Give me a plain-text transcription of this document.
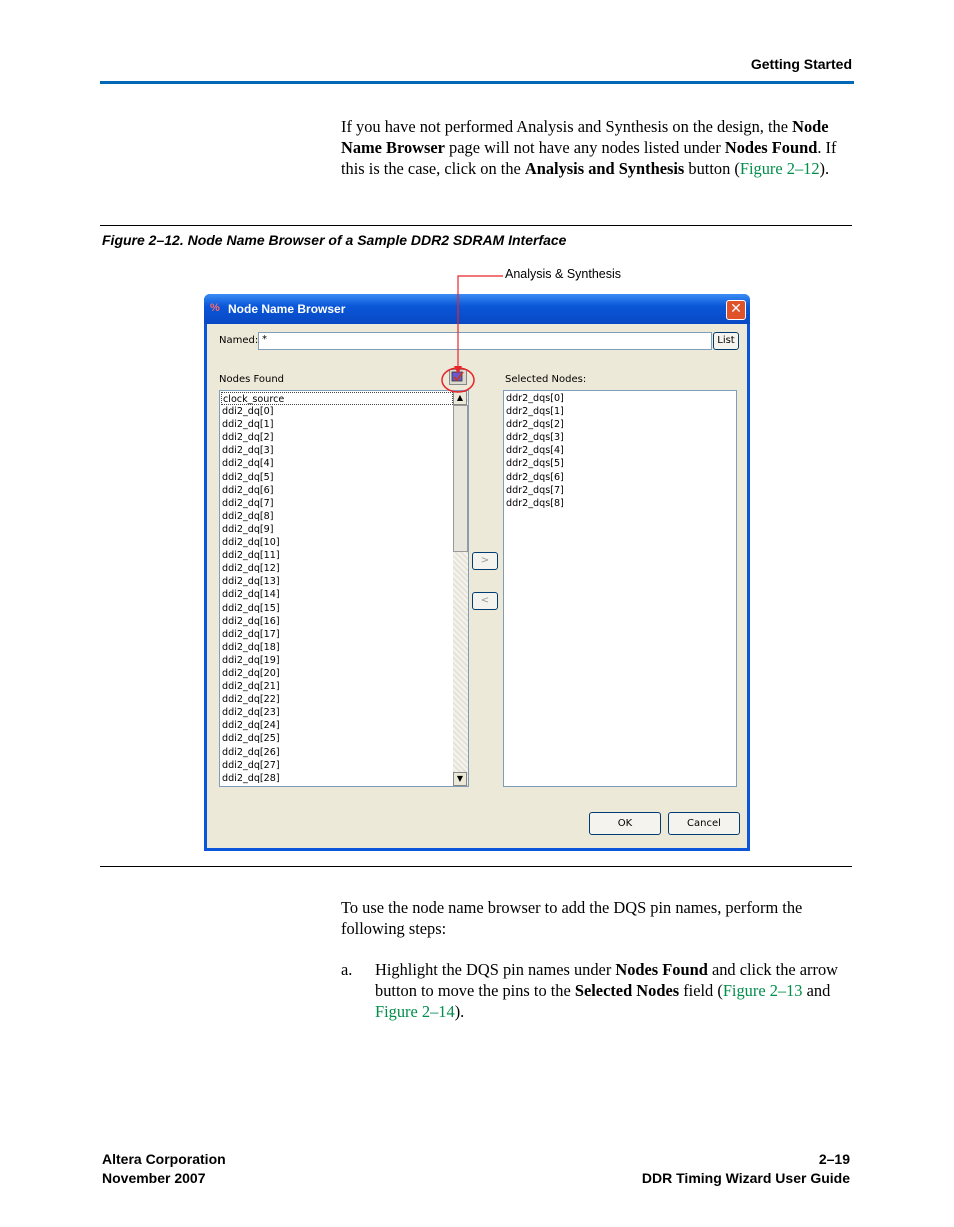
Getting Started
If you have not performed Analysis and Synthesis on the design, the Node Name Browser page will not have any nodes listed under Nodes Found. If this is the case, click on the Analysis and Synthesis button (Figure 2–12).
Figure 2–12. Node Name Browser of a Sample DDR2 SDRAM Interface
Analysis & Synthesis
% Node Name Browser	✕
Named: *	List
Nodes Found	Selected Nodes:
clock_source
ddi2_dq[0]
ddi2_dq[1]
ddi2_dq[2]
ddi2_dq[3]
ddi2_dq[4]
ddi2_dq[5]
ddi2_dq[6]
ddi2_dq[7]
ddi2_dq[8]
ddi2_dq[9]
ddi2_dq[10]
ddi2_dq[11]
ddi2_dq[12]
ddi2_dq[13]
ddi2_dq[14]
ddi2_dq[15]
ddi2_dq[16]
ddi2_dq[17]
ddi2_dq[18]
ddi2_dq[19]
ddi2_dq[20]
ddi2_dq[21]
ddi2_dq[22]
ddi2_dq[23]
ddi2_dq[24]
ddi2_dq[25]
ddi2_dq[26]
ddi2_dq[27]
ddi2_dq[28]
▲
▼
>
<
ddr2_dqs[0]
ddr2_dqs[1]
ddr2_dqs[2]
ddr2_dqs[3]
ddr2_dqs[4]
ddr2_dqs[5]
ddr2_dqs[6]
ddr2_dqs[7]
ddr2_dqs[8]
OK	Cancel
To use the node name browser to add the DQS pin names, perform the following steps:
a. Highlight the DQS pin names under Nodes Found and click the arrow button to move the pins to the Selected Nodes field (Figure 2–13 and Figure 2–14).
Altera Corporation
November 2007
2–19
DDR Timing Wizard User Guide
